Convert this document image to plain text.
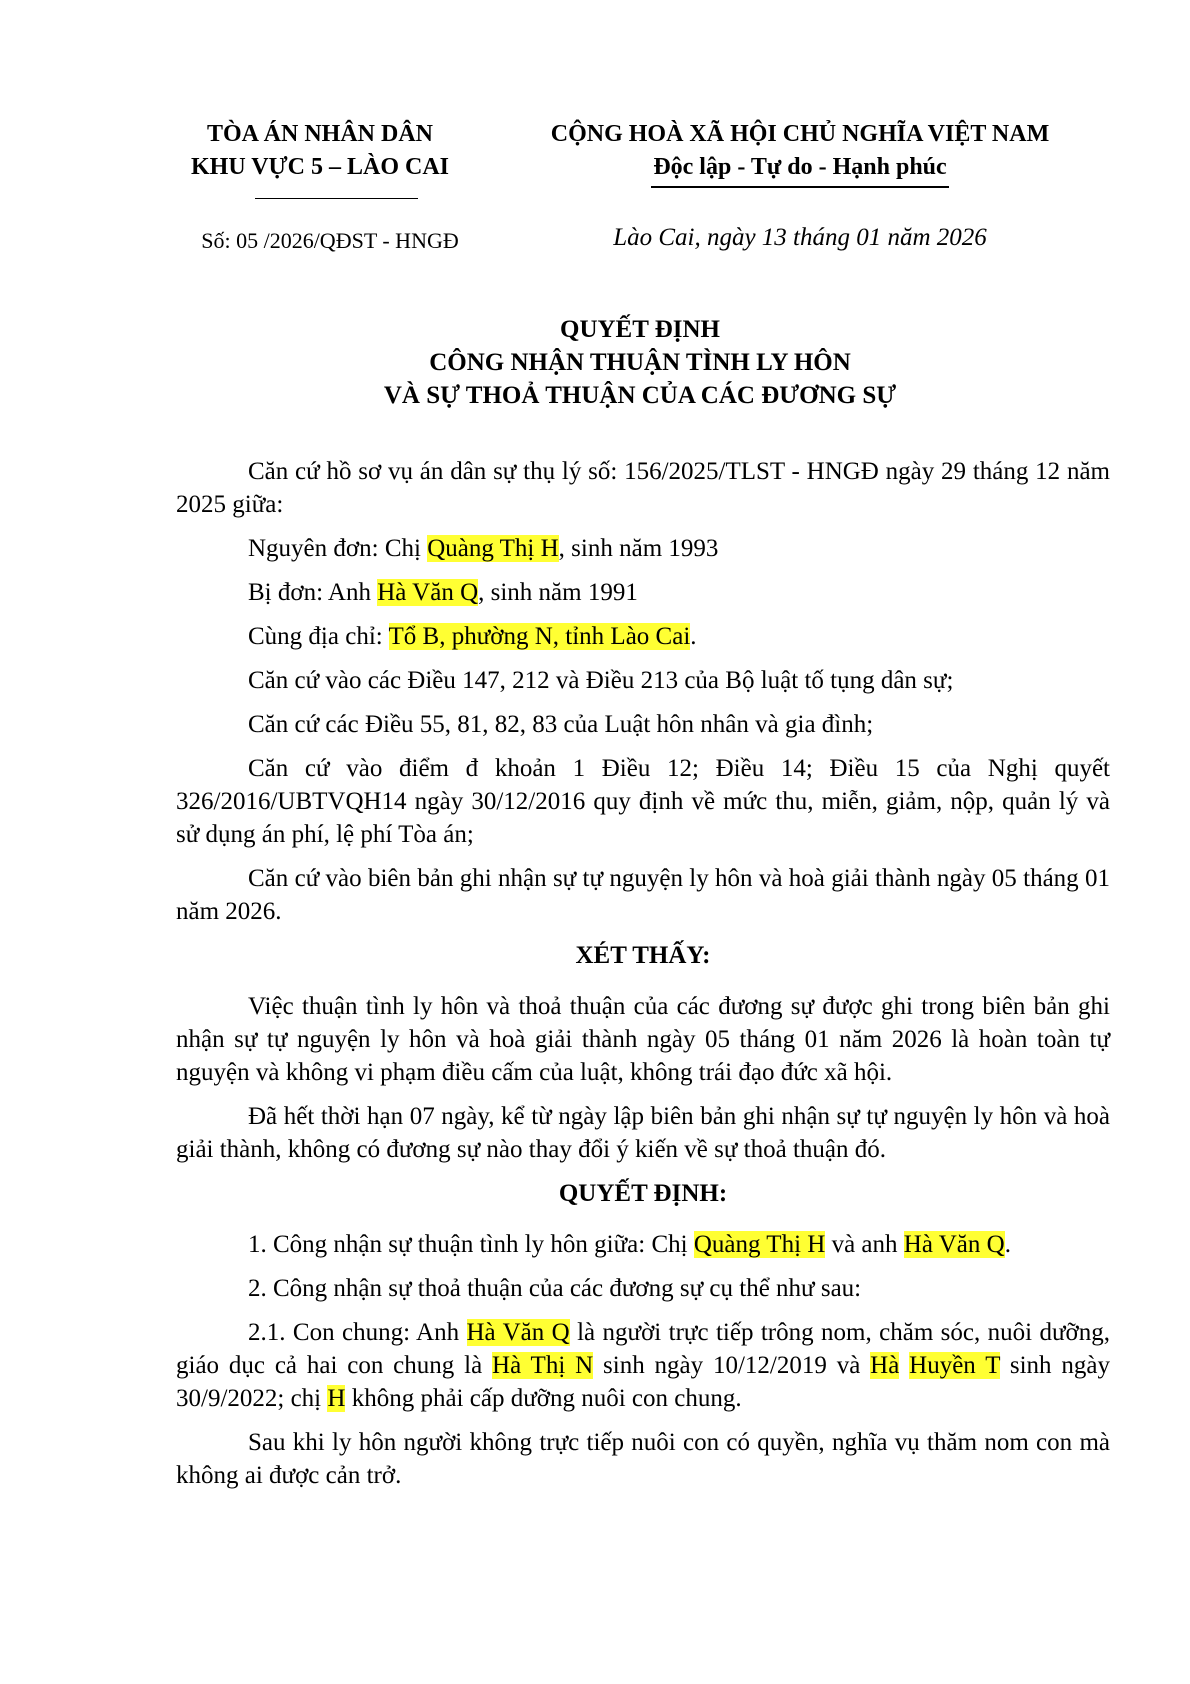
TÒA ÁN NHÂN DÂN
KHU VỰC 5 – LÀO CAI
CỘNG HOÀ XÃ HỘI CHỦ NGHĨA VIỆT NAM
Độc lập - Tự do - Hạnh phúc
Số: 05 /2026/QĐST - HNGĐ	Lào Cai, ngày 13 tháng 01 năm 2026
QUYẾT ĐỊNH
CÔNG NHẬN THUẬN TÌNH LY HÔN
VÀ SỰ THOẢ THUẬN CỦA CÁC ĐƯƠNG SỰ

Căn cứ hồ sơ vụ án dân sự thụ lý số: 156/2025/TLST - HNGĐ ngày 29 tháng 12 năm 2025 giữa:

Nguyên đơn: Chị Quàng Thị H, sinh năm 1993

Bị đơn: Anh Hà Văn Q, sinh năm 1991

Cùng địa chỉ: Tổ B, phường N, tỉnh Lào Cai.

Căn cứ vào các Điều 147, 212 và Điều 213 của Bộ luật tố tụng dân sự;

Căn cứ các Điều 55, 81, 82, 83 của Luật hôn nhân và gia đình;

Căn cứ vào điểm đ khoản 1 Điều 12; Điều 14; Điều 15 của Nghị quyết 326/2016/UBTVQH14 ngày 30/12/2016 quy định về mức thu, miễn, giảm, nộp, quản lý và sử dụng án phí, lệ phí Tòa án;

Căn cứ vào biên bản ghi nhận sự tự nguyện ly hôn và hoà giải thành ngày 05 tháng 01 năm 2026.

XÉT THẤY:

Việc thuận tình ly hôn và thoả thuận của các đương sự được ghi trong biên bản ghi nhận sự tự nguyện ly hôn và hoà giải thành ngày 05 tháng 01 năm 2026 là hoàn toàn tự nguyện và không vi phạm điều cấm của luật, không trái đạo đức xã hội.

Đã hết thời hạn 07 ngày, kể từ ngày lập biên bản ghi nhận sự tự nguyện ly hôn và hoà giải thành, không có đương sự nào thay đổi ý kiến về sự thoả thuận đó.

QUYẾT ĐỊNH:

1. Công nhận sự thuận tình ly hôn giữa: Chị Quàng Thị H và anh Hà Văn Q.

2. Công nhận sự thoả thuận của các đương sự cụ thể như sau:

2.1. Con chung: Anh Hà Văn Q là người trực tiếp trông nom, chăm sóc, nuôi dưỡng, giáo dục cả hai con chung là Hà Thị N sinh ngày 10/12/2019 và Hà Huyền T sinh ngày 30/9/2022; chị H không phải cấp dưỡng nuôi con chung.

Sau khi ly hôn người không trực tiếp nuôi con có quyền, nghĩa vụ thăm nom con mà không ai được cản trở.
